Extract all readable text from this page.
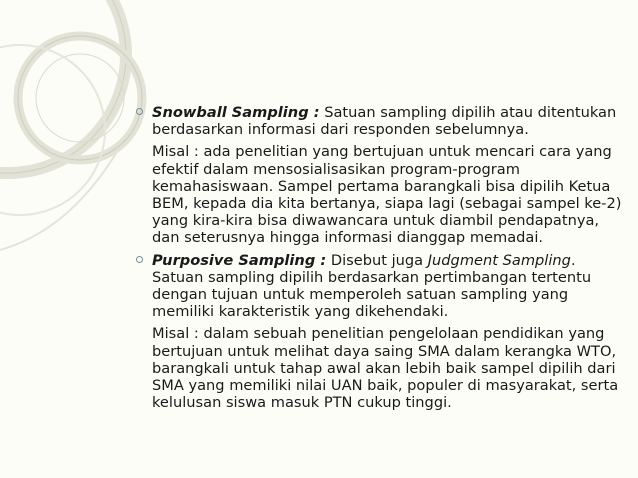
Snowball Sampling : Satuan sampling dipilih atau ditentukan berdasarkan informasi dari responden sebelumnya.

Misal : ada penelitian yang bertujuan untuk mencari cara yang efektif dalam mensosialisasikan program-program kemahasiswaan. Sampel pertama barangkali bisa dipilih Ketua BEM, kepada dia kita bertanya, siapa lagi (sebagai sampel ke-2) yang kira-kira bisa diwawancara untuk diambil pendapatnya, dan seterusnya hingga informasi dianggap memadai.

Purposive Sampling : Disebut juga Judgment Sampling. Satuan sampling dipilih berdasarkan pertimbangan tertentu dengan tujuan untuk memperoleh satuan sampling yang memiliki karakteristik yang dikehendaki.

Misal : dalam sebuah penelitian pengelolaan pendidikan yang bertujuan untuk melihat daya saing SMA dalam kerangka WTO, barangkali untuk tahap awal akan lebih baik sampel dipilih dari SMA yang memiliki nilai UAN baik, populer di masyarakat, serta kelulusan siswa masuk PTN cukup tinggi.
